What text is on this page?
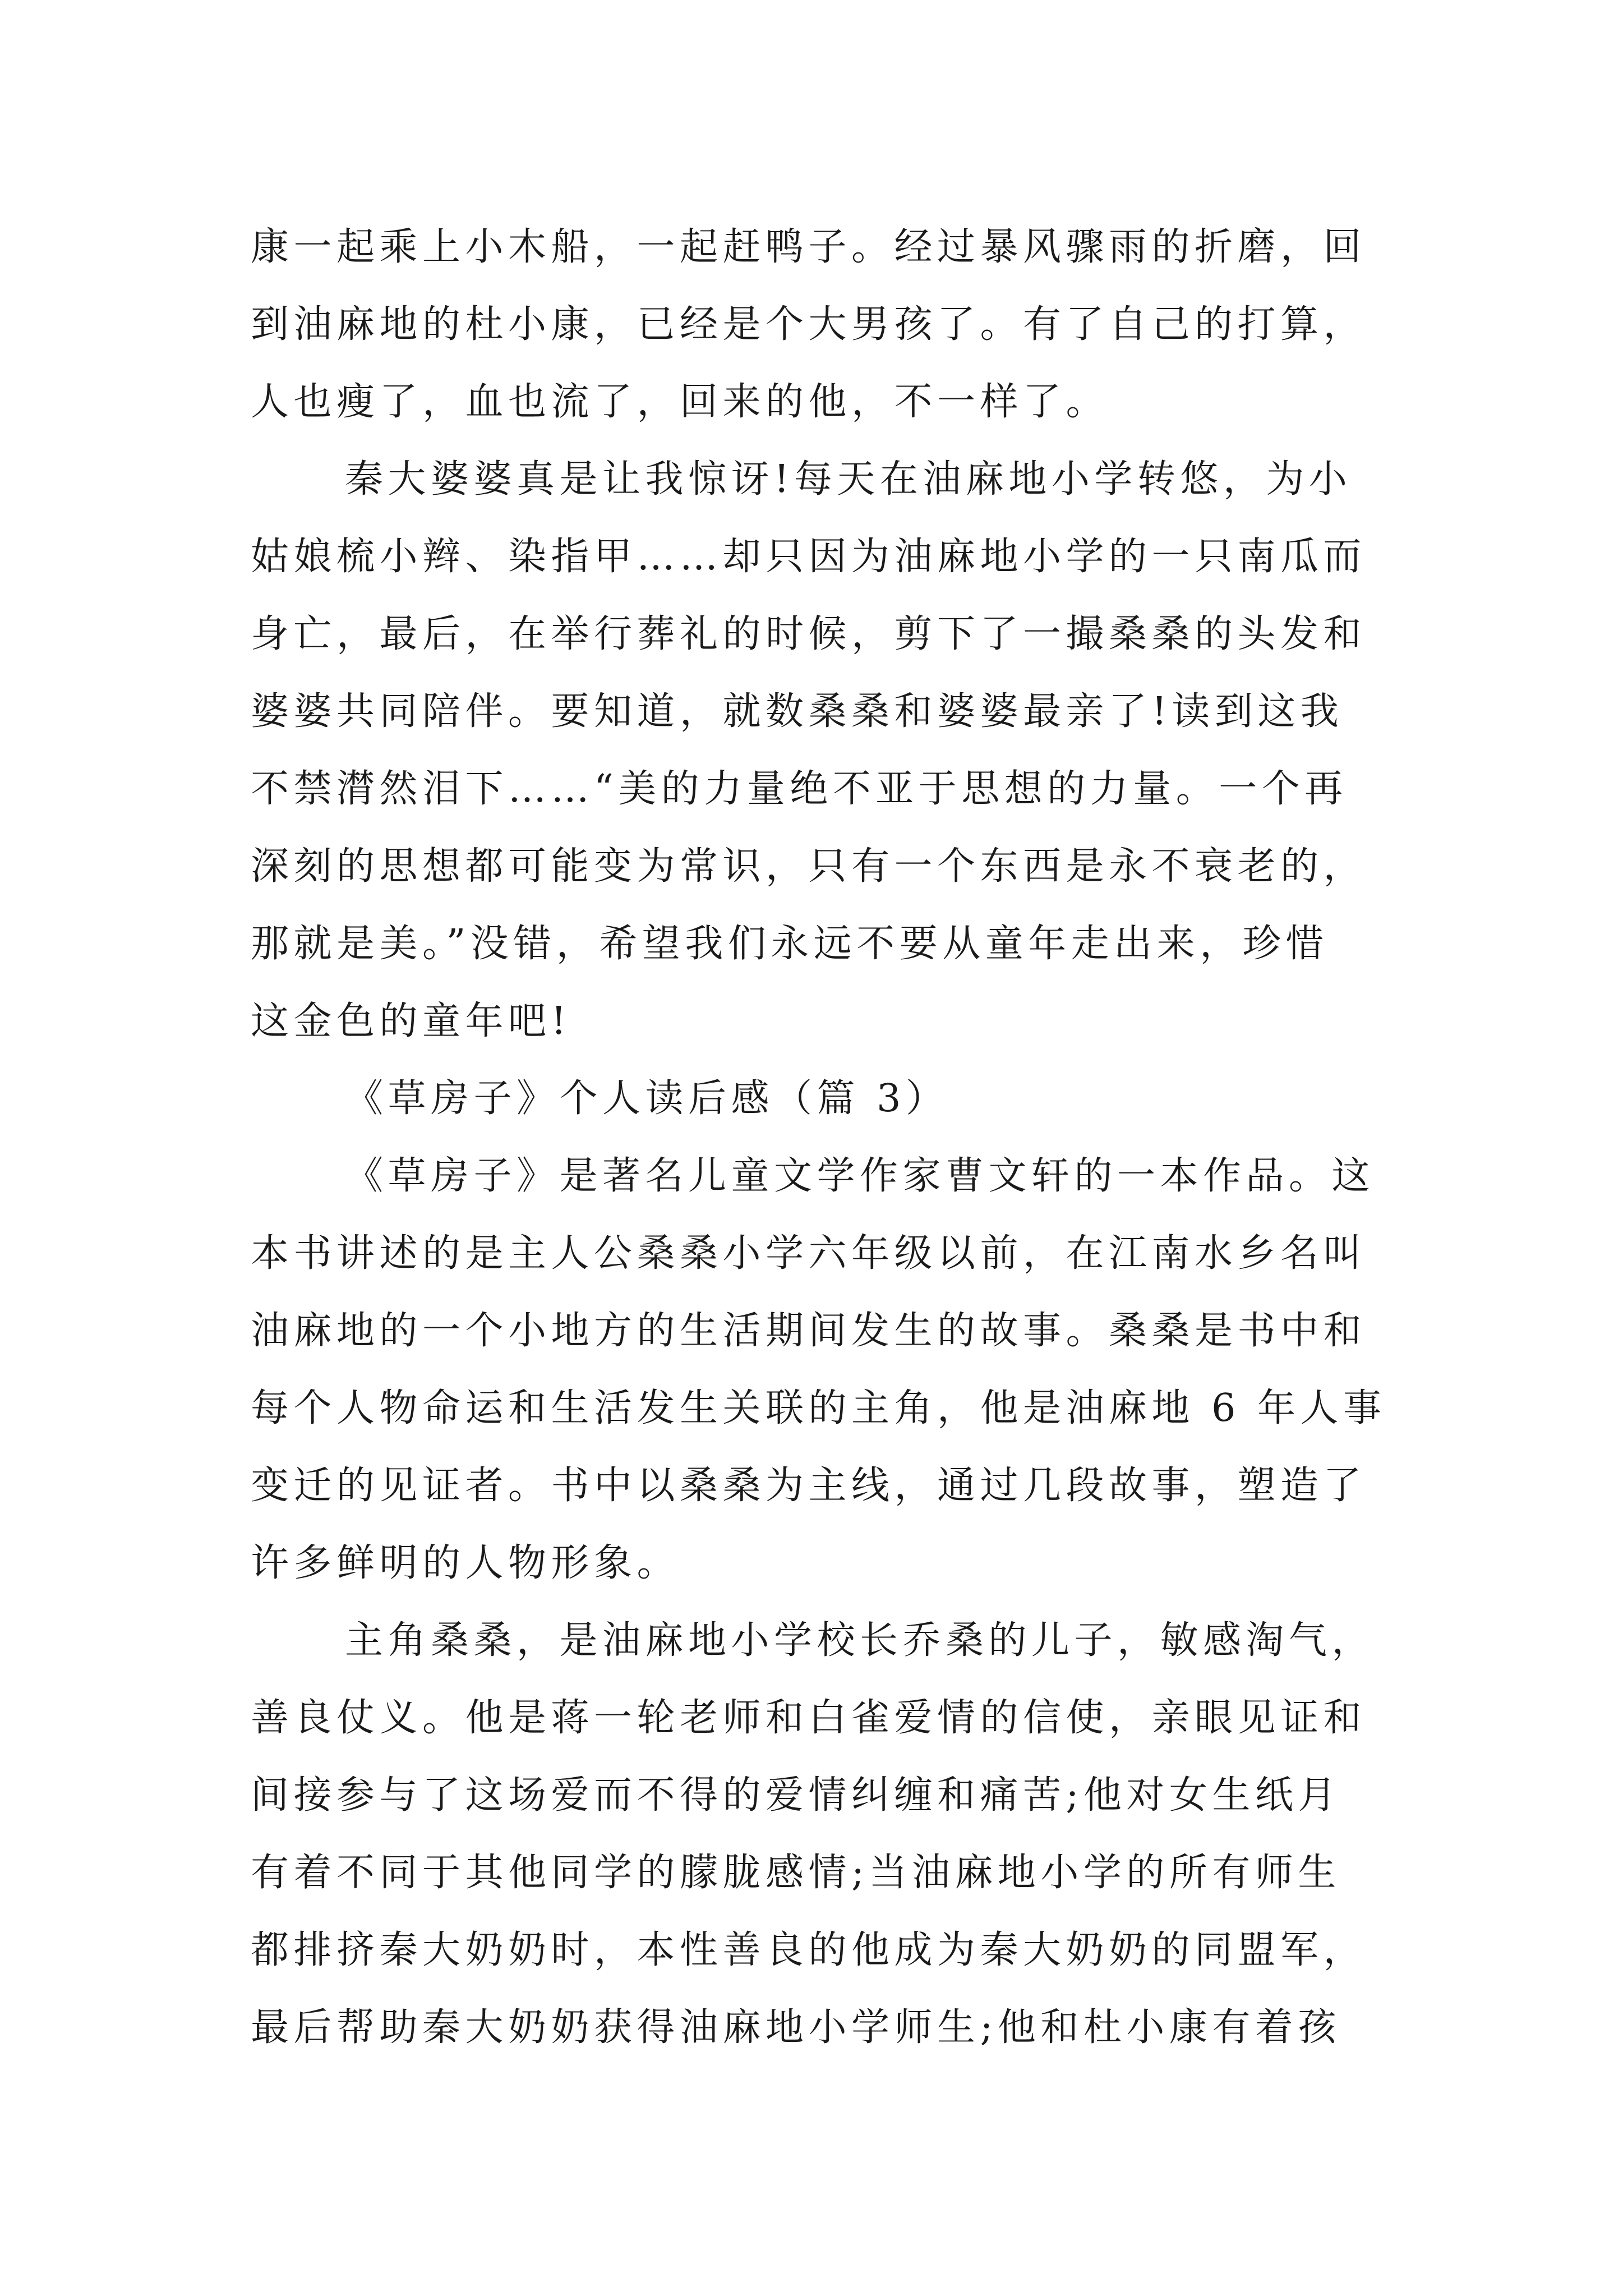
康一起乘上小木船，一起赶鸭子。经过暴风骤雨的折磨，回
到油麻地的杜小康，已经是个大男孩了。有了自己的打算，
人也瘦了，血也流了，回来的他，不一样了。
秦大婆婆真是让我惊讶!每天在油麻地小学转悠，为小
姑娘梳小辫、染指甲……却只因为油麻地小学的一只南瓜而
身亡，最后，在举行葬礼的时候，剪下了一撮桑桑的头发和
婆婆共同陪伴。要知道，就数桑桑和婆婆最亲了!读到这我
不禁潸然泪下……“美的力量绝不亚于思想的力量。一个再
深刻的思想都可能变为常识，只有一个东西是永不衰老的，
那就是美。”没错，希望我们永远不要从童年走出来，珍惜
这金色的童年吧!
《草房子》个人读后感（篇 3）
《草房子》是著名儿童文学作家曹文轩的一本作品。这
本书讲述的是主人公桑桑小学六年级以前，在江南水乡名叫
油麻地的一个小地方的生活期间发生的故事。桑桑是书中和
每个人物命运和生活发生关联的主角，他是油麻地 6 年人事
变迁的见证者。书中以桑桑为主线，通过几段故事，塑造了
许多鲜明的人物形象。
主角桑桑，是油麻地小学校长乔桑的儿子，敏感淘气，
善良仗义。他是蒋一轮老师和白雀爱情的信使，亲眼见证和
间接参与了这场爱而不得的爱情纠缠和痛苦;他对女生纸月
有着不同于其他同学的朦胧感情;当油麻地小学的所有师生
都排挤秦大奶奶时，本性善良的他成为秦大奶奶的同盟军，
最后帮助秦大奶奶获得油麻地小学师生;他和杜小康有着孩
